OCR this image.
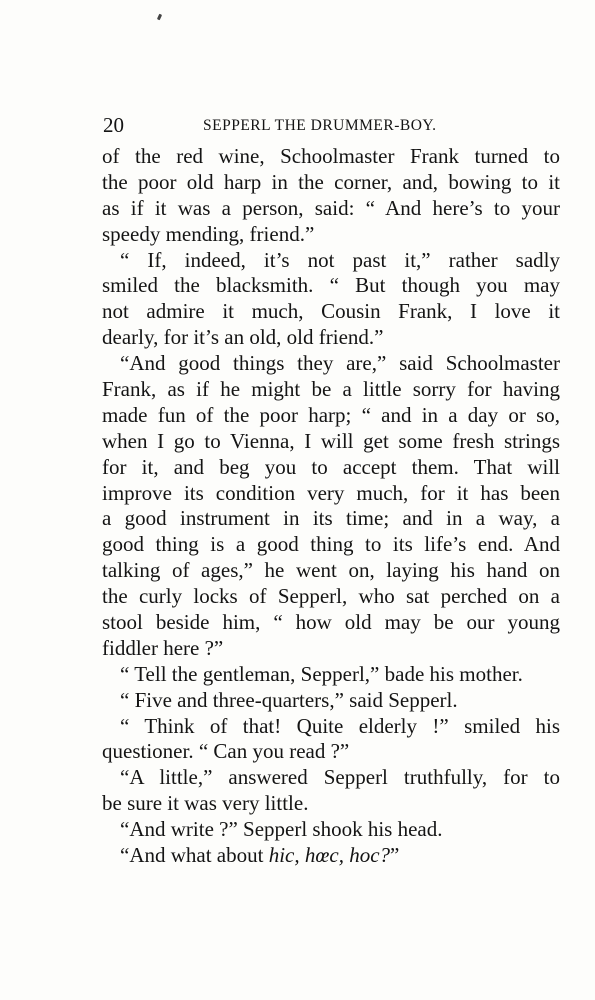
20	SEPPERL THE DRUMMER-BOY.
of the red wine, Schoolmaster Frank turned to
the poor old harp in the corner, and, bowing to it
as if it was a person, said: “ And here’s to your
speedy mending, friend.”
“ If, indeed, it’s not past it,” rather sadly
smiled the blacksmith. “ But though you may
not admire it much, Cousin Frank, I love it
dearly, for it’s an old, old friend.”
“And good things they are,” said Schoolmaster
Frank, as if he might be a little sorry for having
made fun of the poor harp; “ and in a day or so,
when I go to Vienna, I will get some fresh strings
for it, and beg you to accept them. That will
improve its condition very much, for it has been
a good instrument in its time; and in a way, a
good thing is a good thing to its life’s end. And
talking of ages,” he went on, laying his hand on
the curly locks of Sepperl, who sat perched on a
stool beside him, “ how old may be our young
fiddler here ?”
“ Tell the gentleman, Sepperl,” bade his mother.
“ Five and three-quarters,” said Sepperl.
“ Think of that! Quite elderly !” smiled his
questioner. “ Can you read ?”
“A little,” answered Sepperl truthfully, for to
be sure it was very little.
“And write ?” Sepperl shook his head.
“And what about hic, hœc, hoc?”
